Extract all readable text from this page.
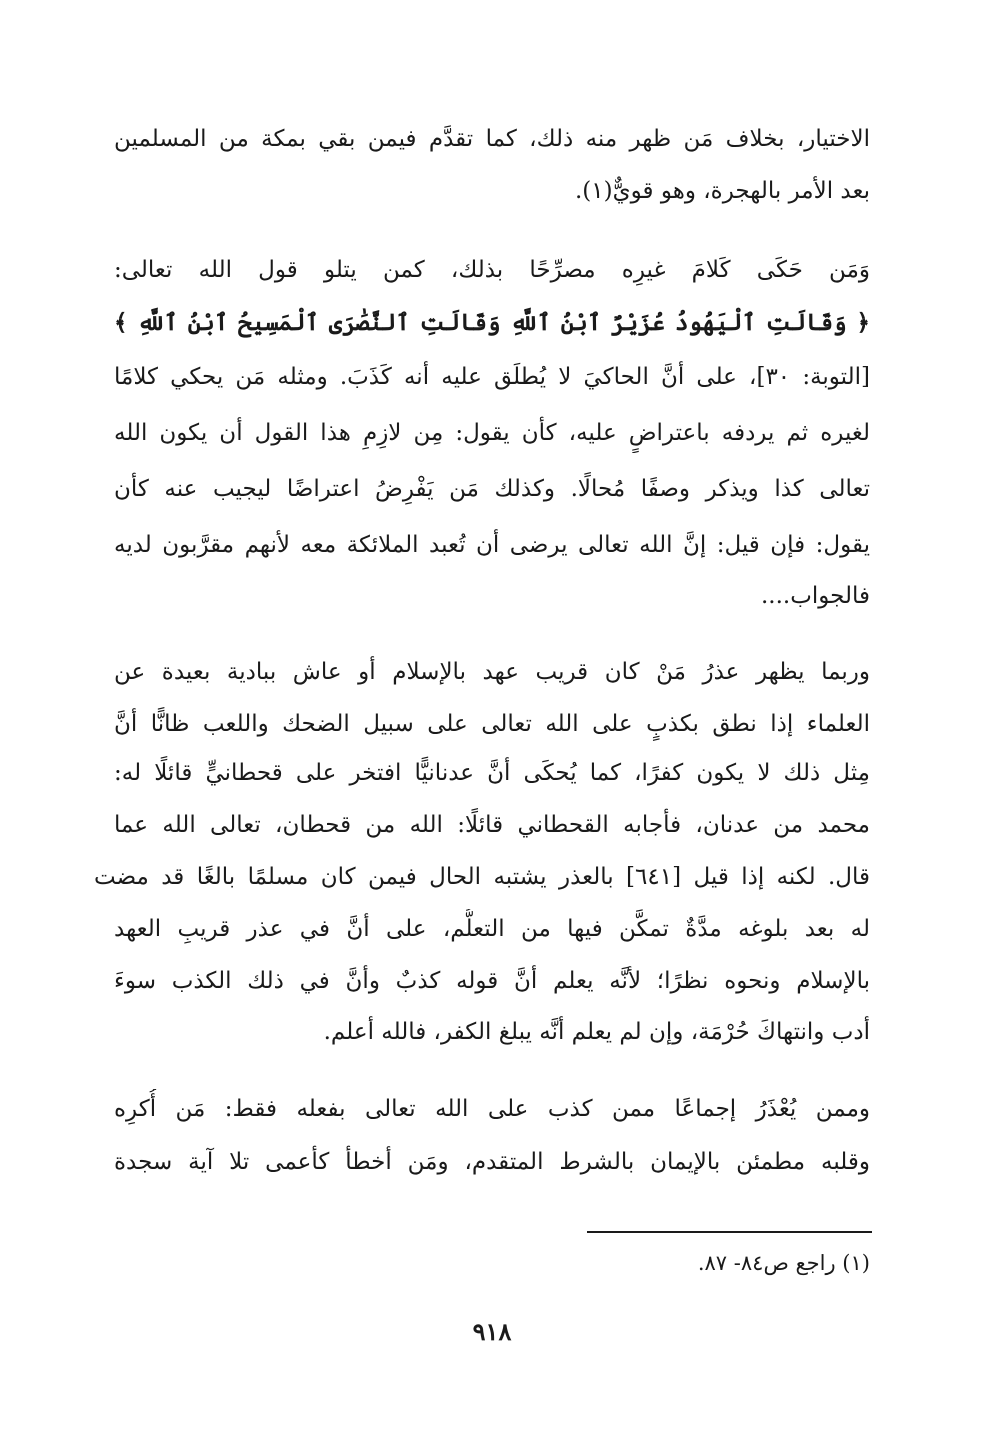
الاختيار، بخلاف مَن ظهر منه ذلك، كما تقدَّم فيمن بقي بمكة من المسلمين
بعد الأمر بالهجرة، وهو قويٌّ(١).
وَمَن حَكَى كَلامَ غيرِه مصرِّحًا بذلك، كمن يتلو قول الله تعالى:
﴿ وَقَالَتِ ٱلْيَهُودُ عُزَيْرٌ ٱبْنُ ٱللَّهِ وَقَالَتِ ٱلنَّصَٰرَى ٱلْمَسِيحُ ٱبْنُ ٱللَّهِ ﴾
[التوبة: ٣٠]، على أنَّ الحاكيَ لا يُطلَق عليه أنه كَذَبَ. ومثله مَن يحكي كلامًا
لغيره ثم يردفه باعتراضٍ عليه، كأن يقول: مِن لازِمِ هذا القول أن يكون الله
تعالى كذا ويذكر وصفًا مُحالًا. وكذلك مَن يَفْرِضُ اعتراضًا ليجيب عنه كأن
يقول: فإن قيل: إنَّ الله تعالى يرضى أن تُعبد الملائكة معه لأنهم مقرَّبون لديه
فالجواب....
وربما يظهر عذرُ مَنْ كان قريب عهد بالإسلام أو عاش ببادية بعيدة عن
العلماء إذا نطق بكذبٍ على الله تعالى على سبيل الضحك واللعب ظانًّا أنَّ
مِثل ذلك لا يكون كفرًا، كما يُحكَى أنَّ عدنانيًّا افتخر على قحطانيٍّ قائلًا له:
محمد من عدنان، فأجابه القحطاني قائلًا: الله من قحطان، تعالى الله عما
قال. لكنه إذا قيل [٦٤١] بالعذر يشتبه الحال فيمن كان مسلمًا بالغًا قد مضت
له بعد بلوغه مدَّةٌ تمكَّن فيها من التعلُّم، على أنَّ في عذر قريبِ العهد
بالإسلام ونحوه نظرًا؛ لأنَّه يعلم أنَّ قوله كذبٌ وأنَّ في ذلك الكذب سوءَ
أدب وانتهاكَ حُرْمَة، وإن لم يعلم أنَّه يبلغ الكفر، فالله أعلم.
وممن يُعْذَرُ إجماعًا ممن كذب على الله تعالى بفعله فقط: مَن أُكرِه
وقلبه مطمئن بالإيمان بالشرط المتقدم، ومَن أخطأ كأعمى تلا آية سجدة
(١) راجع ص٨٤- ٨٧.
٩١٨
